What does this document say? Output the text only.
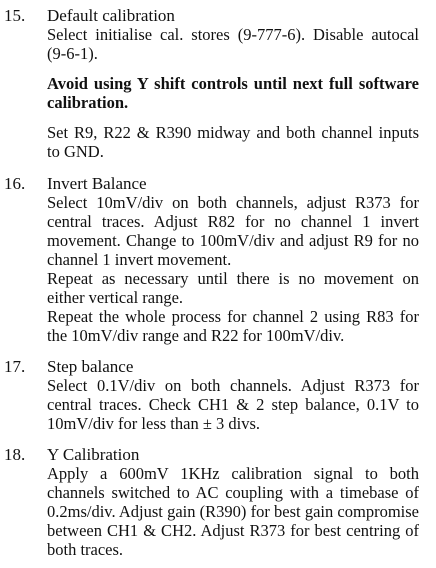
15. Default calibration

Select initialise cal. stores (9-777-6). Disable autocal (9-6-1).

Avoid using Y shift controls until next full software calibration.

Set R9, R22 & R390 midway and both channel inputs to GND.

16. Invert Balance

Select 10mV/div on both channels, adjust R373 for central traces. Adjust R82 for no channel 1 invert movement. Change to 100mV/div and adjust R9 for no channel 1 invert movement.

Repeat as necessary until there is no movement on either vertical range.

Repeat the whole process for channel 2 using R83 for the 10mV/div range and R22 for 100mV/div.

17. Step balance

Select 0.1V/div on both channels. Adjust R373 for central traces. Check CH1 & 2 step balance, 0.1V to 10mV/div for less than ± 3 divs.

18. Y Calibration

Apply a 600mV 1KHz calibration signal to both channels switched to AC coupling with a timebase of 0.2ms/div. Adjust gain (R390) for best gain compromise between CH1 & CH2. Adjust R373 for best centring of both traces.
